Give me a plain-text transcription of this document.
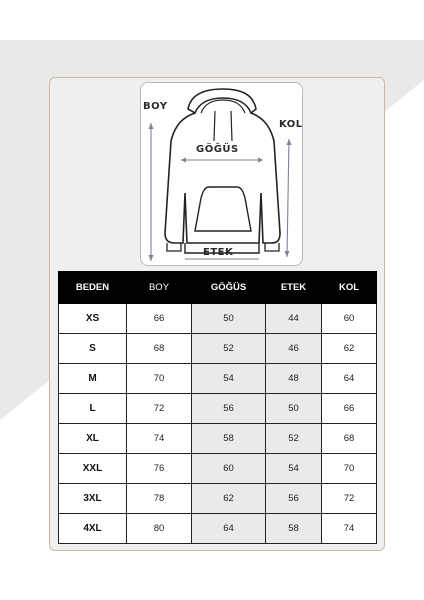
BOY
GÖĞÜS
KOL
ETEK
BEDEN	BOY	GÖĞÜS	ETEK	KOL
XS	66	50	44	60
S	68	52	46	62
M	70	54	48	64
L	72	56	50	66
XL	74	58	52	68
XXL	76	60	54	70
3XL	78	62	56	72
4XL	80	64	58	74
